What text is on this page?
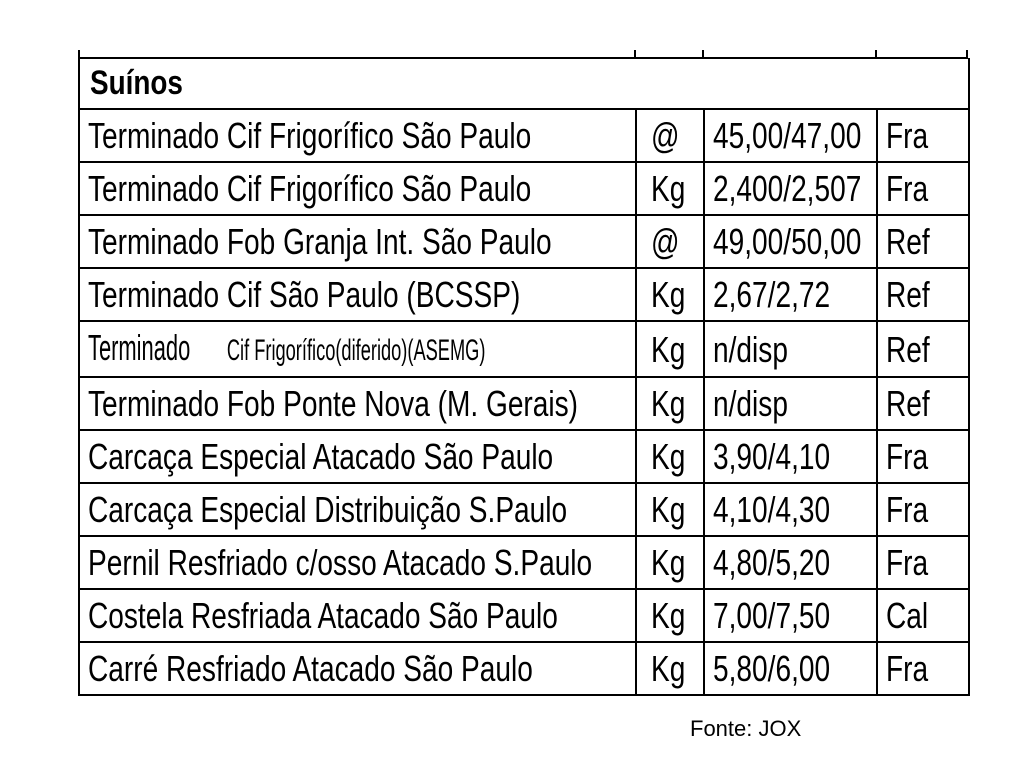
Suínos			
Terminado Cif Frigorífico São Paulo	@	45,00/47,00	Fra
Terminado Cif Frigorífico São Paulo	Kg	2,400/2,507	Fra
Terminado Fob Granja Int. São Paulo	@	49,00/50,00	Ref
Terminado Cif São Paulo (BCSSP)	Kg	2,67/2,72	Ref
Terminado Cif Frigorífico(diferido)(ASEMG)	Kg	n/disp	Ref
Terminado Fob Ponte Nova (M. Gerais)	Kg	n/disp	Ref
Carcaça Especial Atacado São Paulo	Kg	3,90/4,10	Fra
Carcaça Especial Distribuição S.Paulo	Kg	4,10/4,30	Fra
Pernil Resfriado c/osso Atacado S.Paulo	Kg	4,80/5,20	Fra
Costela Resfriada Atacado São Paulo	Kg	7,00/7,50	Cal
Carré Resfriado Atacado São Paulo	Kg	5,80/6,00	Fra
Fonte: JOX
